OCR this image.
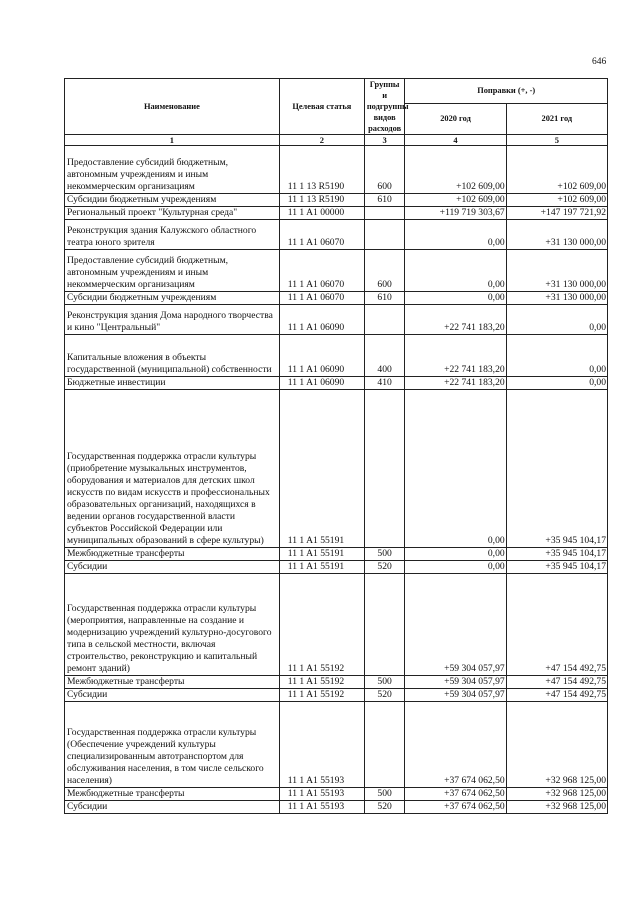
646
Наименование	Целевая статья	Группы и подгруппы видов расходов	Поправки (+, -)	
			2020 год	2021 год
1	2	3	4	5
Предоставление субсидий бюджетным, автономным учреждениям и иным некоммерческим организациям	11 1 13 R5190	600	+102 609,00	+102 609,00
Субсидии бюджетным учреждениям	11 1 13 R5190	610	+102 609,00	+102 609,00
Региональный проект "Культурная среда"	11 1 A1 00000		+119 719 303,67	+147 197 721,92
Реконструкция здания Калужского областного театра юного зрителя	11 1 A1 06070		0,00	+31 130 000,00
Предоставление субсидий бюджетным, автономным учреждениям и иным некоммерческим организациям	11 1 A1 06070	600	0,00	+31 130 000,00
Субсидии бюджетным учреждениям	11 1 A1 06070	610	0,00	+31 130 000,00
Реконструкция здания Дома народного творчества и кино "Центральный"	11 1 A1 06090		+22 741 183,20	0,00
Капитальные вложения в объекты государственной (муниципальной) собственности	11 1 A1 06090	400	+22 741 183,20	0,00
Бюджетные инвестиции	11 1 A1 06090	410	+22 741 183,20	0,00
Государственная поддержка отрасли культуры (приобретение музыкальных инструментов, оборудования и материалов для детских школ искусств по видам искусств и профессиональных образовательных организаций, находящихся в ведении органов государственной власти субъектов Российской Федерации или муниципальных образований в сфере культуры)	11 1 A1 55191		0,00	+35 945 104,17
Межбюджетные трансферты	11 1 A1 55191	500	0,00	+35 945 104,17
Субсидии	11 1 A1 55191	520	0,00	+35 945 104,17
Государственная поддержка отрасли культуры (мероприятия, направленные на создание и модернизацию учреждений культурно-досугового типа в сельской местности, включая строительство, реконструкцию и капитальный ремонт зданий)	11 1 A1 55192		+59 304 057,97	+47 154 492,75
Межбюджетные трансферты	11 1 A1 55192	500	+59 304 057,97	+47 154 492,75
Субсидии	11 1 A1 55192	520	+59 304 057,97	+47 154 492,75
Государственная поддержка отрасли культуры (Обеспечение учреждений культуры специализированным автотранспортом для обслуживания населения, в том числе сельского населения)	11 1 A1 55193		+37 674 062,50	+32 968 125,00
Межбюджетные трансферты	11 1 A1 55193	500	+37 674 062,50	+32 968 125,00
Субсидии	11 1 A1 55193	520	+37 674 062,50	+32 968 125,00
